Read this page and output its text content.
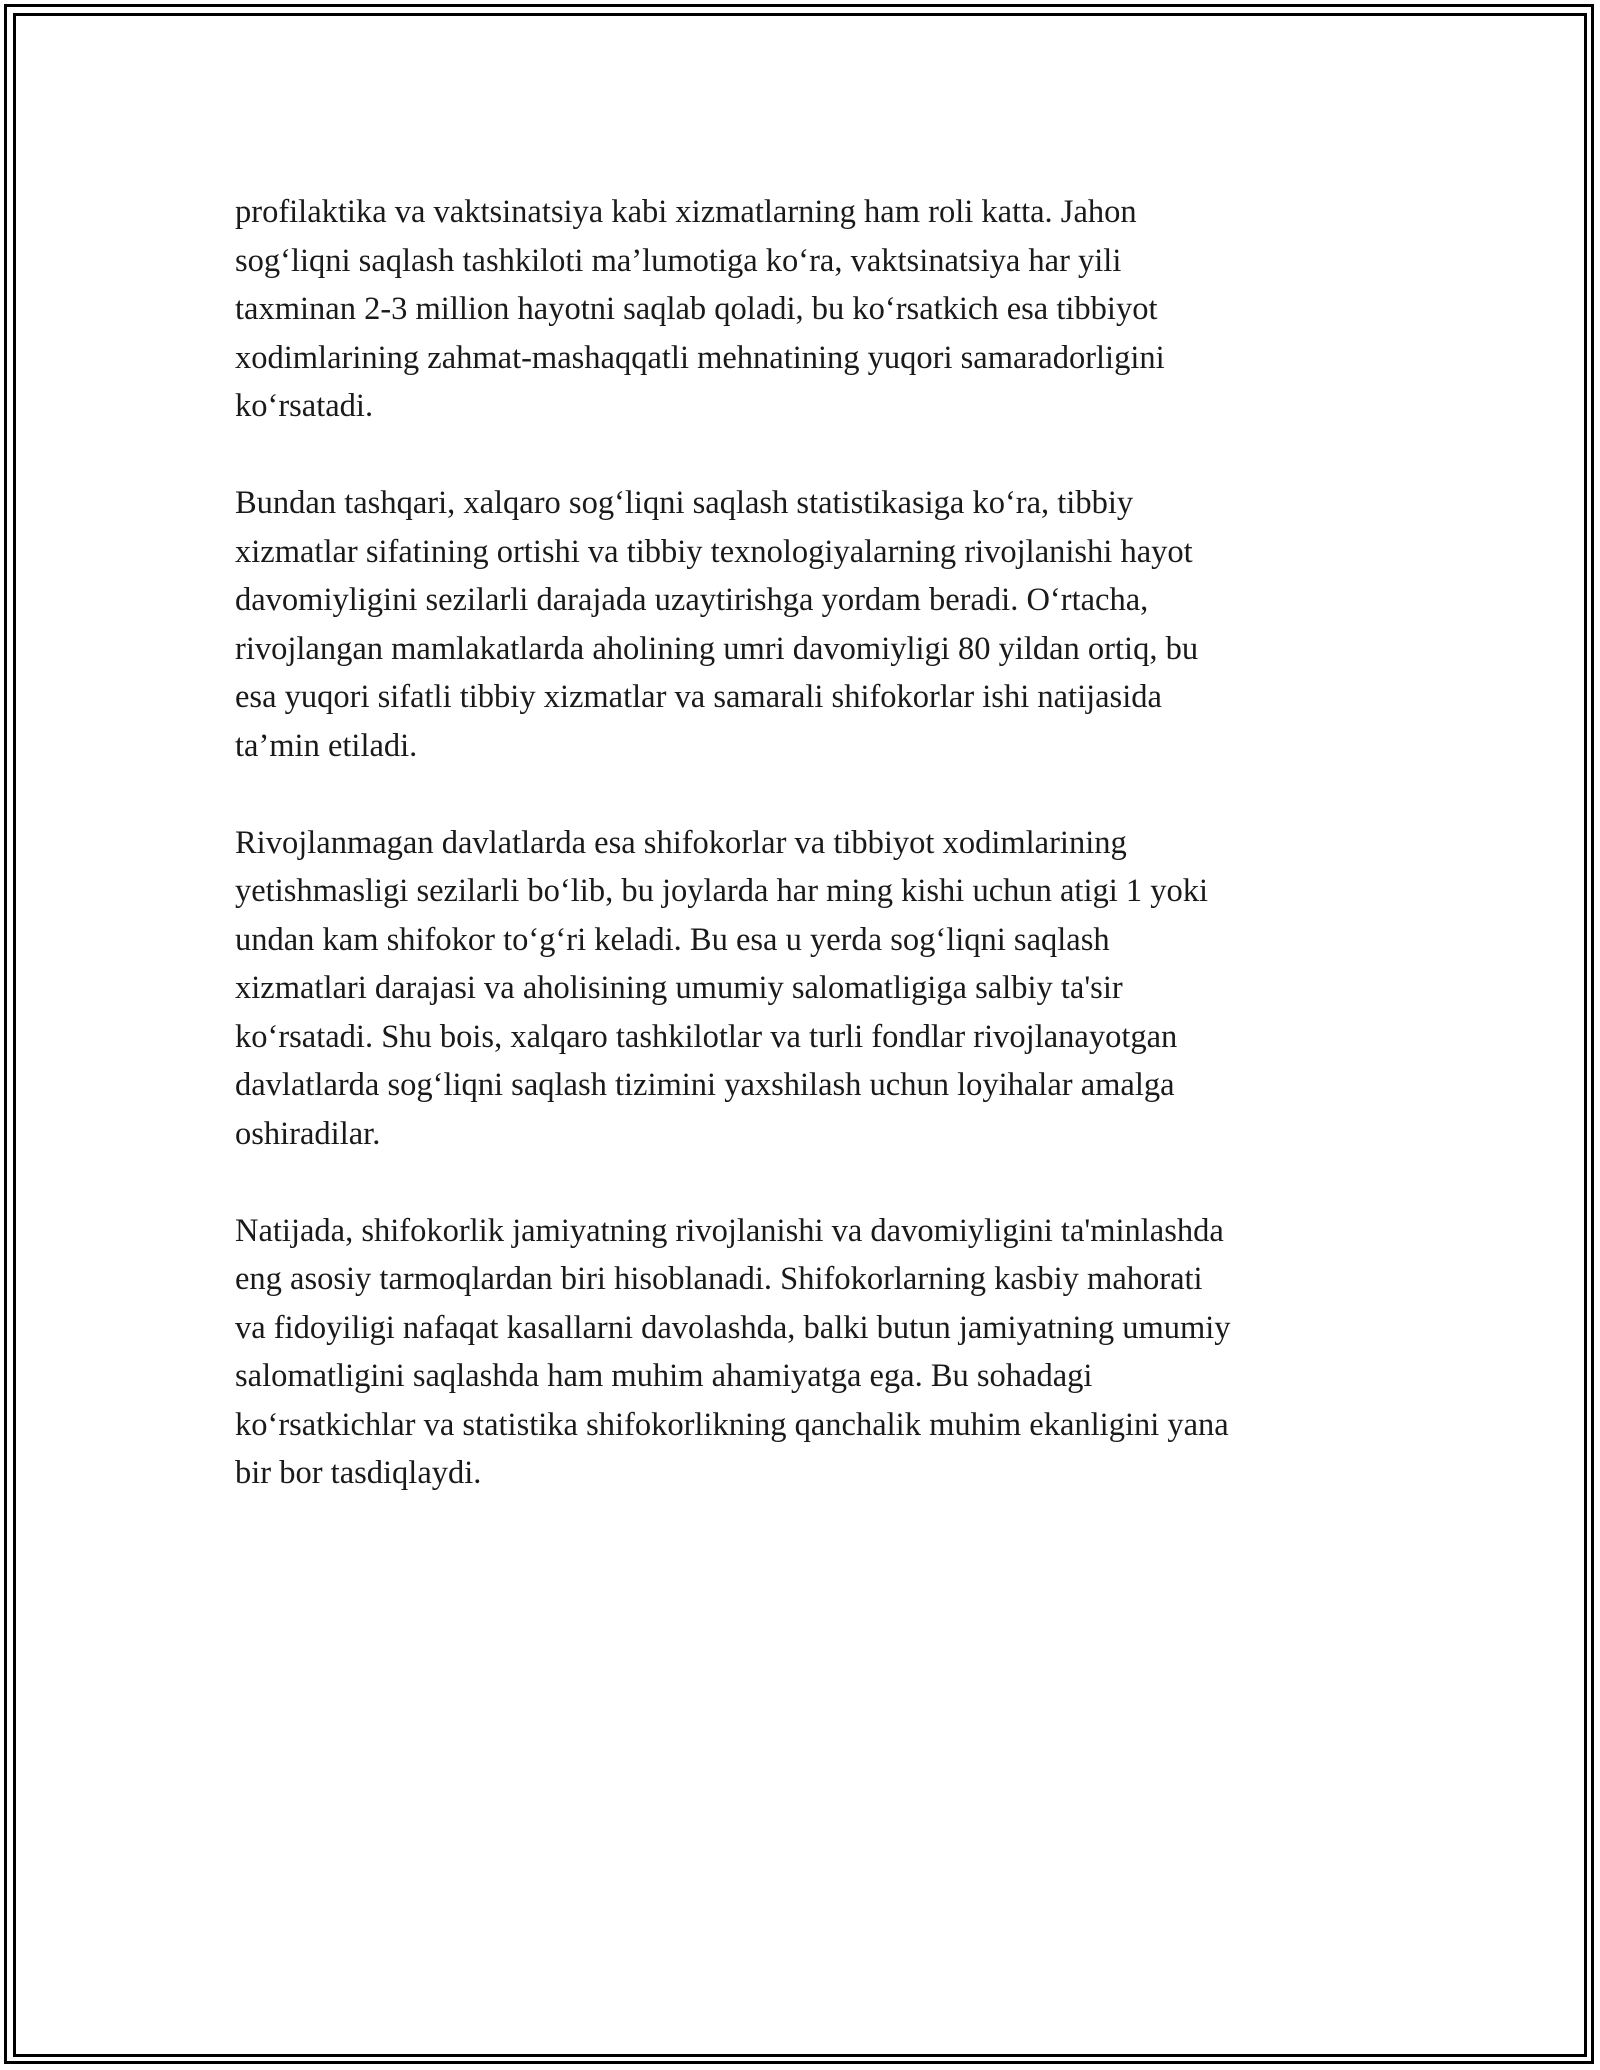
profilaktika va vaktsinatsiya kabi xizmatlarning ham roli katta. Jahon
sog‘liqni saqlash tashkiloti ma’lumotiga ko‘ra, vaktsinatsiya har yili
taxminan 2-3 million hayotni saqlab qoladi, bu ko‘rsatkich esa tibbiyot
xodimlarining zahmat-mashaqqatli mehnatining yuqori samaradorligini
ko‘rsatadi.

Bundan tashqari, xalqaro sog‘liqni saqlash statistikasiga ko‘ra, tibbiy
xizmatlar sifatining ortishi va tibbiy texnologiyalarning rivojlanishi hayot
davomiyligini sezilarli darajada uzaytirishga yordam beradi. O‘rtacha,
rivojlangan mamlakatlarda aholining umri davomiyligi 80 yildan ortiq, bu
esa yuqori sifatli tibbiy xizmatlar va samarali shifokorlar ishi natijasida
ta’min etiladi.

Rivojlanmagan davlatlarda esa shifokorlar va tibbiyot xodimlarining
yetishmasligi sezilarli bo‘lib, bu joylarda har ming kishi uchun atigi 1 yoki
undan kam shifokor to‘g‘ri keladi. Bu esa u yerda sog‘liqni saqlash
xizmatlari darajasi va aholisining umumiy salomatligiga salbiy ta'sir
ko‘rsatadi. Shu bois, xalqaro tashkilotlar va turli fondlar rivojlanayotgan
davlatlarda sog‘liqni saqlash tizimini yaxshilash uchun loyihalar amalga
oshiradilar.

Natijada, shifokorlik jamiyatning rivojlanishi va davomiyligini ta'minlashda
eng asosiy tarmoqlardan biri hisoblanadi. Shifokorlarning kasbiy mahorati
va fidoyiligi nafaqat kasallarni davolashda, balki butun jamiyatning umumiy
salomatligini saqlashda ham muhim ahamiyatga ega. Bu sohadagi
ko‘rsatkichlar va statistika shifokorlikning qanchalik muhim ekanligini yana
bir bor tasdiqlaydi.
